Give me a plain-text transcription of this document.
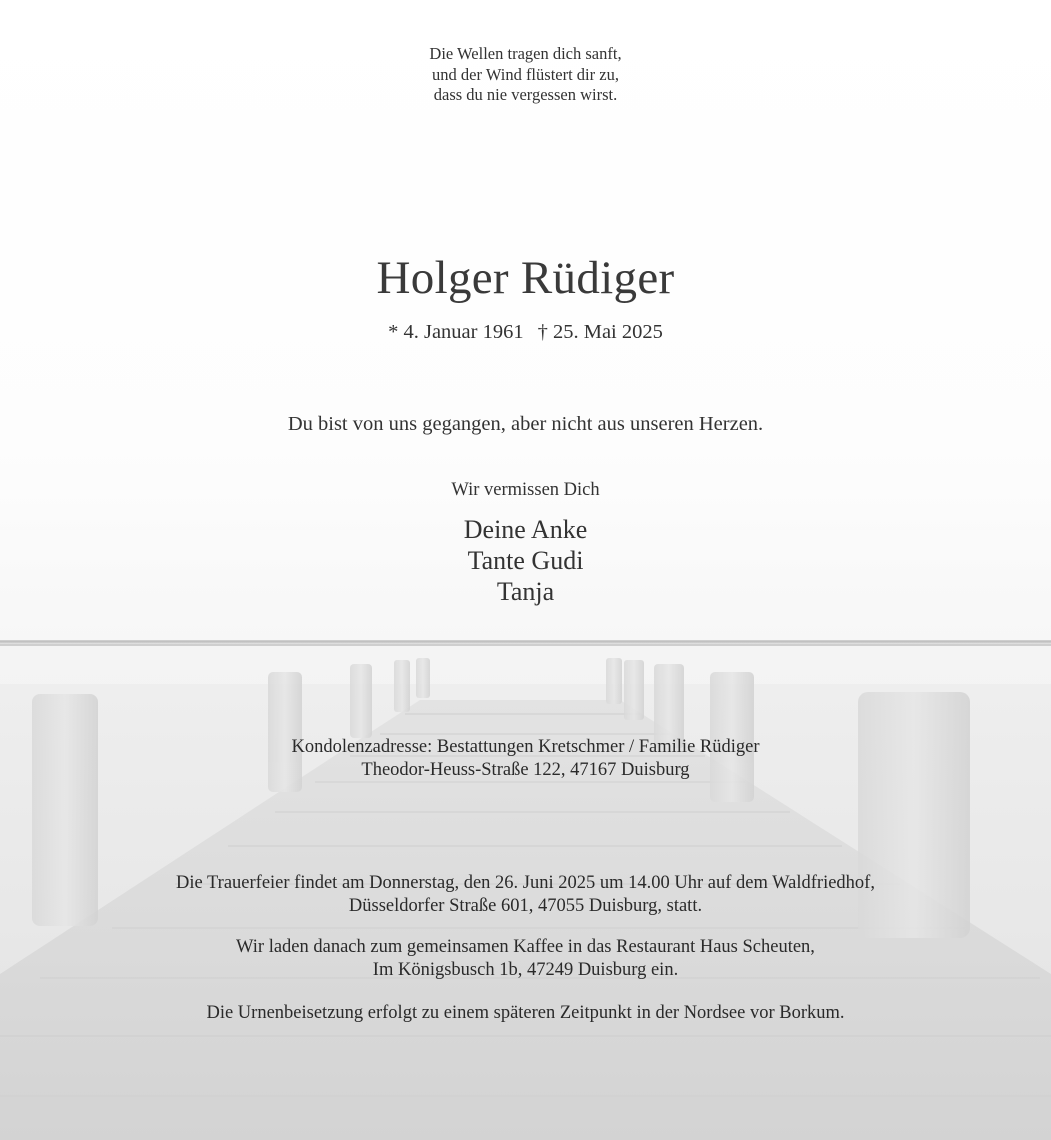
Die Wellen tragen dich sanft,
und der Wind flüstert dir zu,
dass du nie vergessen wirst.
Holger Rüdiger
* 4. Januar 1961 † 25. Mai 2025
Du bist von uns gegangen, aber nicht aus unseren Herzen.
Wir vermissen Dich
Deine Anke
Tante Gudi
Tanja
Kondolenzadresse: Bestattungen Kretschmer / Familie Rüdiger
Theodor-Heuss-Straße 122, 47167 Duisburg
Die Trauerfeier findet am Donnerstag, den 26. Juni 2025 um 14.00 Uhr auf dem Waldfriedhof,
Düsseldorfer Straße 601, 47055 Duisburg, statt.
Wir laden danach zum gemeinsamen Kaffee in das Restaurant Haus Scheuten,
Im Königsbusch 1b, 47249 Duisburg ein.
Die Urnenbeisetzung erfolgt zu einem späteren Zeitpunkt in der Nordsee vor Borkum.
